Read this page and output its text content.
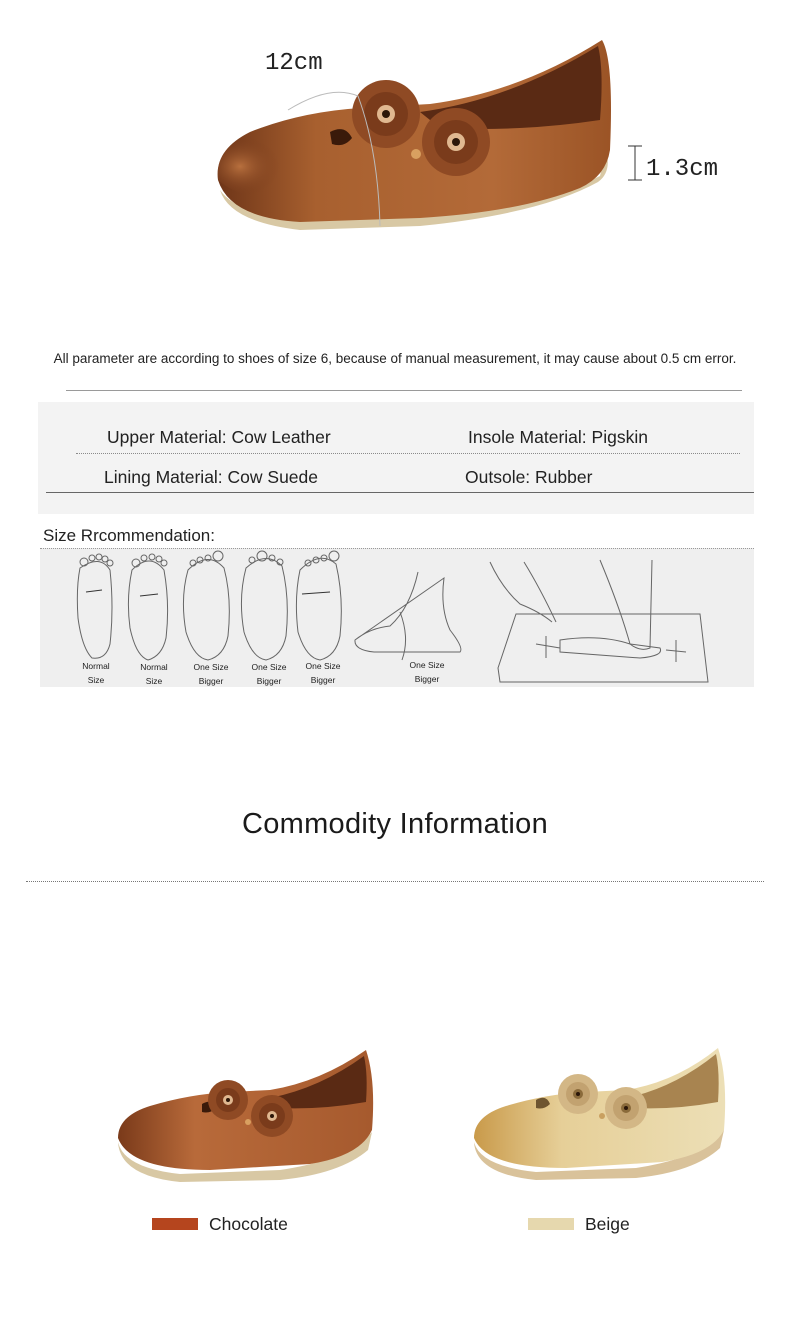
12cm
1.3cm
All parameter are according to shoes of size 6, because of manual measurement, it may cause about 0.5 cm error.
Upper Material: Cow Leather	Insole Material: Pigskin
Lining Material: Cow Suede	Outsole: Rubber
Size Rrcommendation:
Normal
Size
Normal
Size
One Size
Bigger
One Size
Bigger
One Size
Bigger
One Size
Bigger
Commodity Information
Chocolate	Beige
